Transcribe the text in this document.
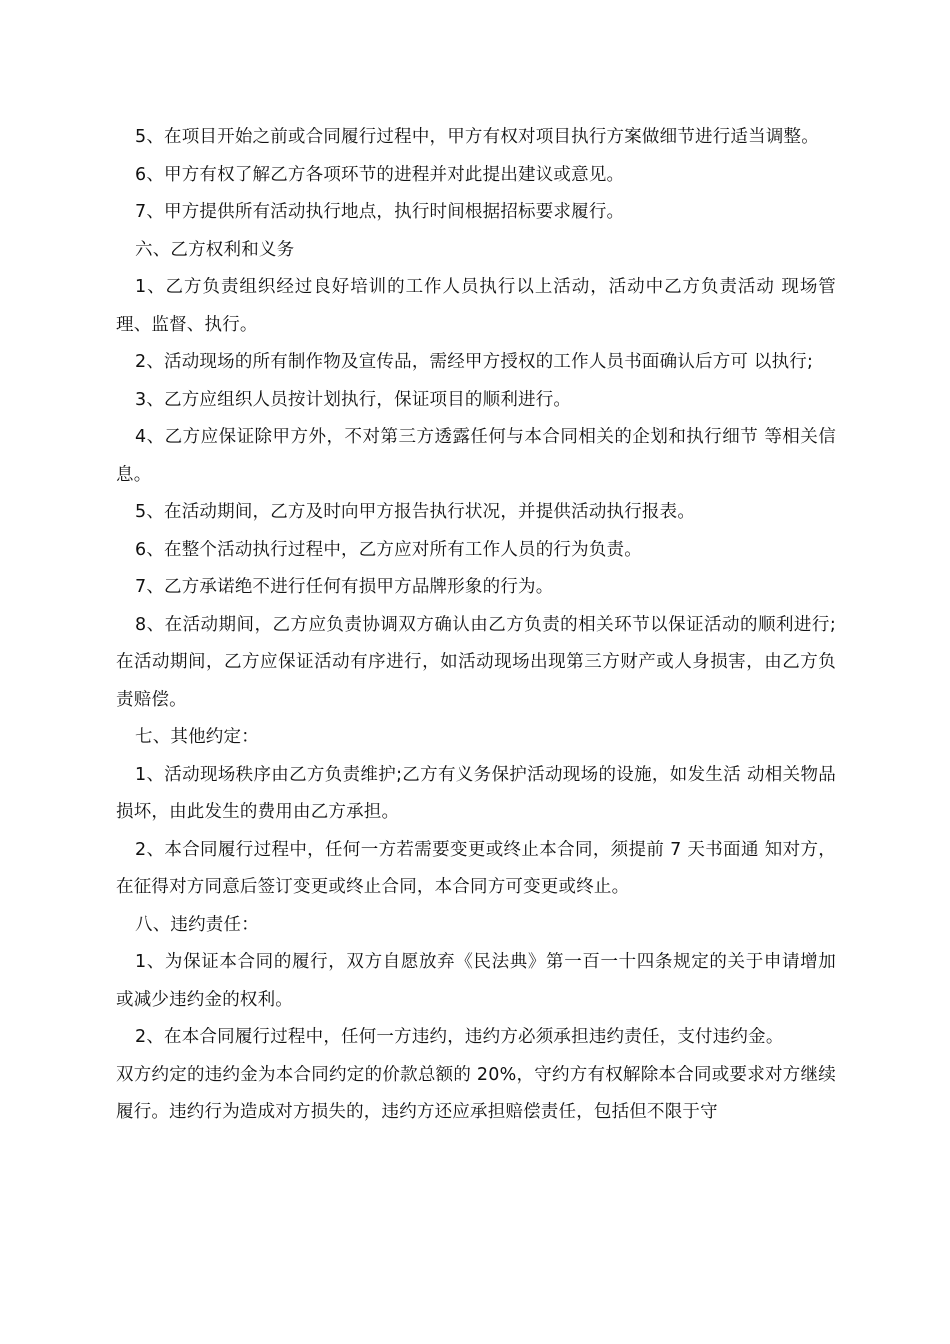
5、在项目开始之前或合同履行过程中，甲方有权对项目执行方案做细节进行适当调整。

6、甲方有权了解乙方各项环节的进程并对此提出建议或意见。

7、甲方提供所有活动执行地点，执行时间根据招标要求履行。

六、乙方权利和义务

1、乙方负责组织经过良好培训的工作人员执行以上活动，活动中乙方负责活动 现场管理、监督、执行。

2、活动现场的所有制作物及宣传品，需经甲方授权的工作人员书面确认后方可 以执行;

3、乙方应组织人员按计划执行，保证项目的顺利进行。

4、乙方应保证除甲方外，不对第三方透露任何与本合同相关的企划和执行细节 等相关信息。

5、在活动期间，乙方及时向甲方报告执行状况，并提供活动执行报表。

6、在整个活动执行过程中，乙方应对所有工作人员的行为负责。

7、乙方承诺绝不进行任何有损甲方品牌形象的行为。

8、在活动期间，乙方应负责协调双方确认由乙方负责的相关环节以保证活动的顺利进行;在活动期间，乙方应保证活动有序进行，如活动现场出现第三方财产或人身损害，由乙方负责赔偿。

七、其他约定：

1、活动现场秩序由乙方负责维护;乙方有义务保护活动现场的设施，如发生活 动相关物品损坏，由此发生的费用由乙方承担。

2、本合同履行过程中，任何一方若需要变更或终止本合同，须提前 7 天书面通 知对方，在征得对方同意后签订变更或终止合同，本合同方可变更或终止。

八、违约责任：

1、为保证本合同的履行，双方自愿放弃《民法典》第一百一十四条规定的关于申请增加或减少违约金的权利。

2、在本合同履行过程中，任何一方违约，违约方必须承担违约责任，支付违约金。

双方约定的违约金为本合同约定的价款总额的 20%，守约方有权解除本合同或要求对方继续履行。违约行为造成对方损失的，违约方还应承担赔偿责任，包括但不限于守
